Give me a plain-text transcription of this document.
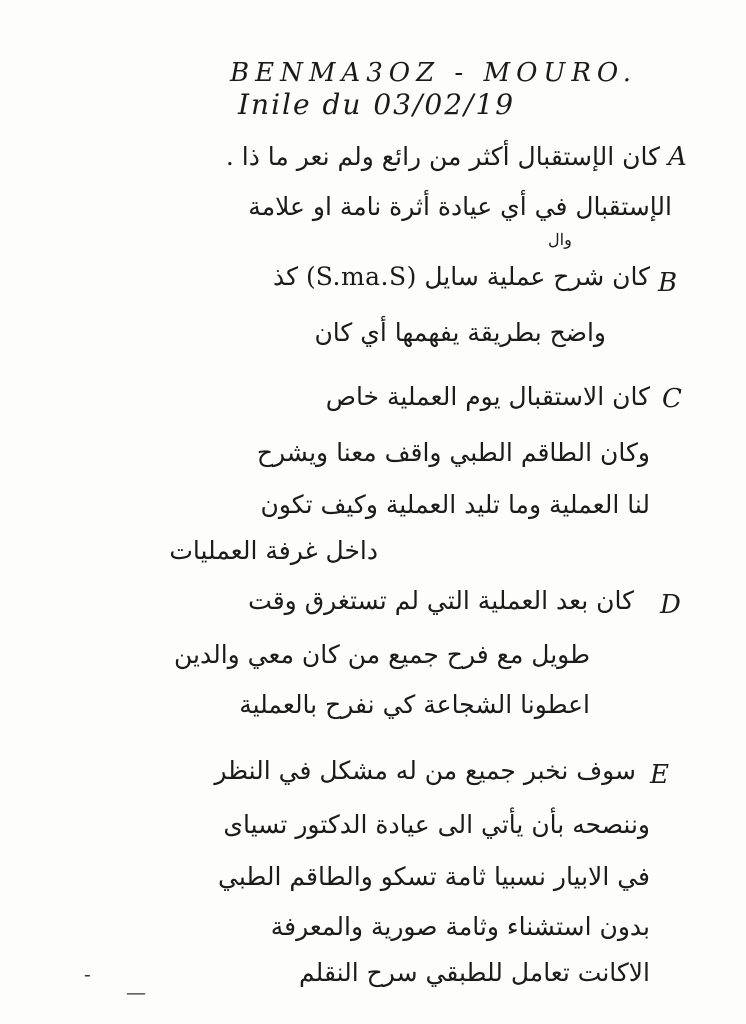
BENMA3OZ - MOURO.
Inile du 03/02/19
A
كان الإستقبال أكثر من رائع ولم نعر ما ذا .
الإستقبال في أي عيادة أثرة نامة او علامة
وال
B
كان شرح عملية سايل (S.ma.S) كذ
واضح بطريقة يفهمها أي كان
C
كان الاستقبال يوم العملية خاص
وكان الطاقم الطبي واقف معنا ويشرح
لنا العملية وما تليد العملية وكيف تكون
داخل غرفة العمليات
D
كان بعد العملية التي لم تستغرق وقت
طويل مع فرح جميع من كان معي والدين
اعطونا الشجاعة كي نفرح بالعملية
E
سوف نخبر جميع من له مشكل في النظر
وننصحه بأن يأتي الى عيادة الدكتور تسياى
في الابيار نسبيا ثامة تسكو والطاقم الطبي
بدون استشناء وثامة صورية والمعرفة
الاكانت تعامل للطبقي سرح النقلم
-
—
